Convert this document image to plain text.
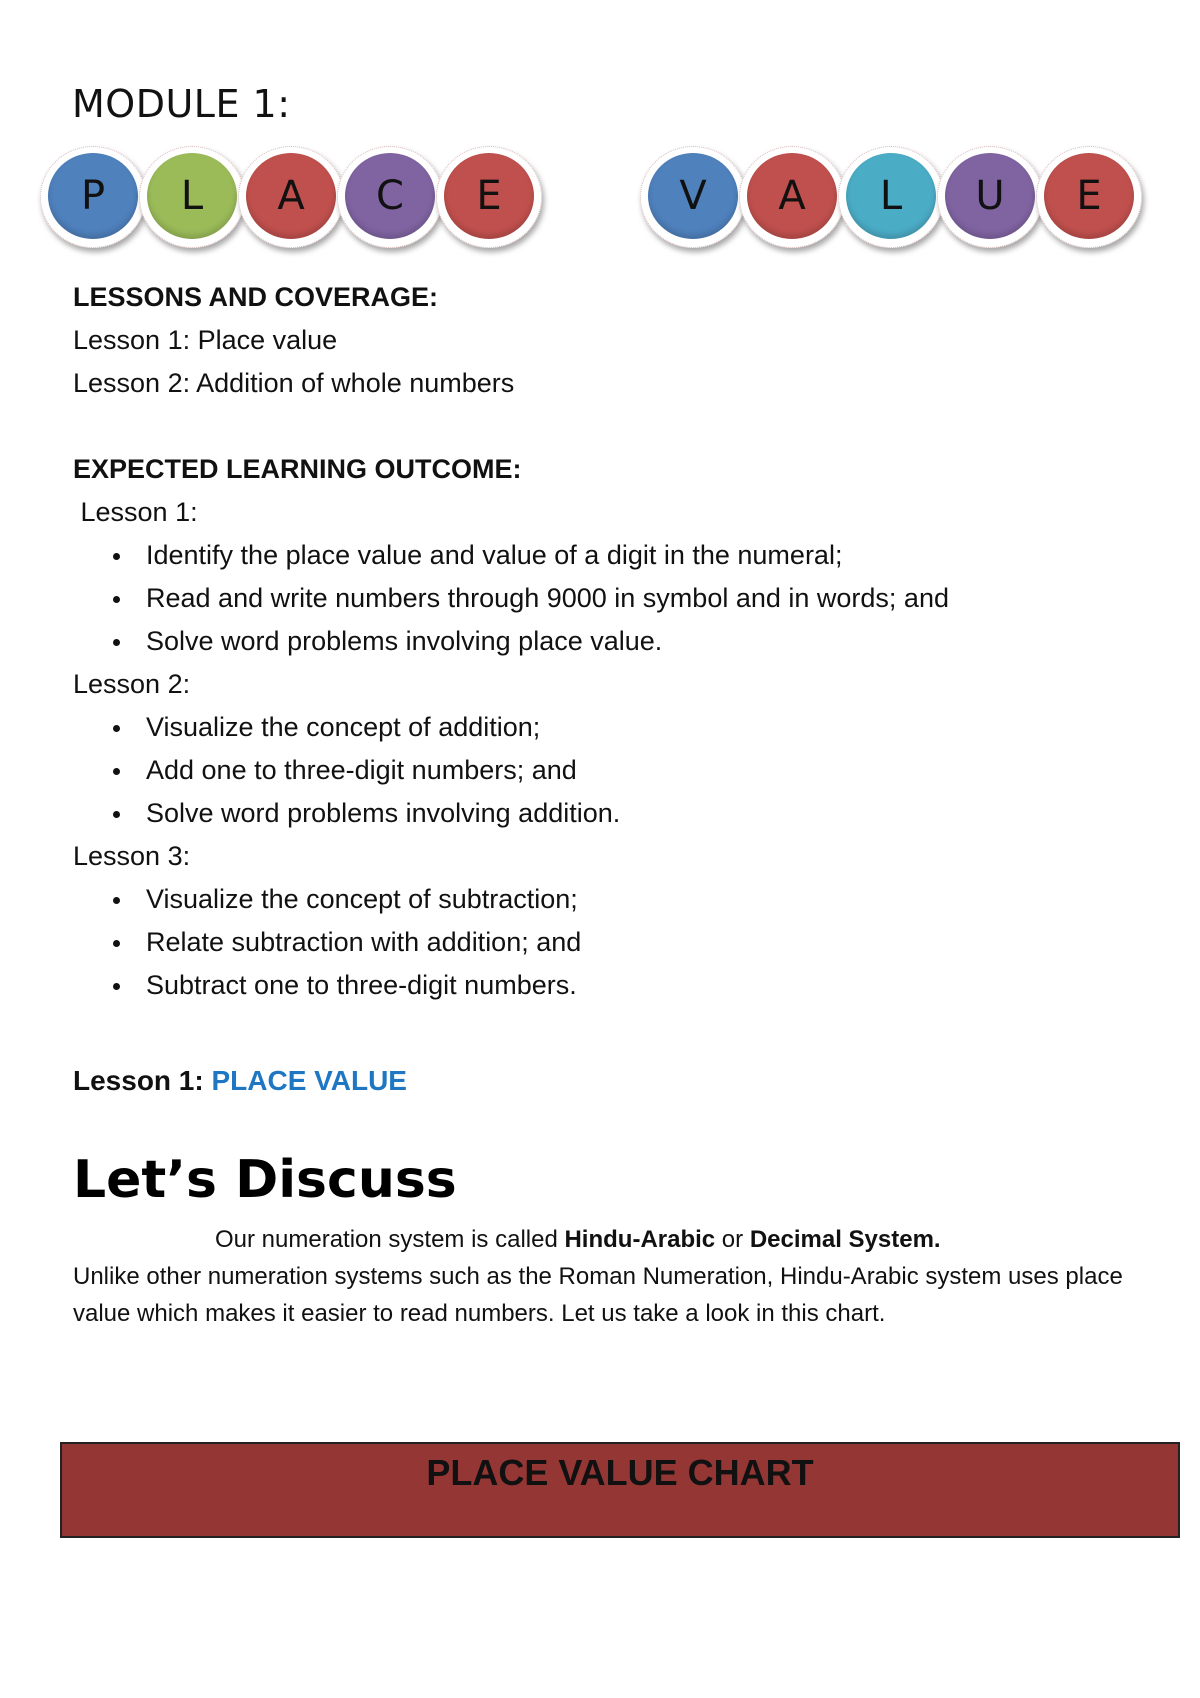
MODULE 1:
P	L	A	C	E	V	A	L	U	E
LESSONS AND COVERAGE:
Lesson 1: Place value
Lesson 2: Addition of whole numbers
EXPECTED LEARNING OUTCOME:
Lesson 1:
Identify the place value and value of a digit in the numeral;
Read and write numbers through 9000 in symbol and in words; and
Solve word problems involving place value.
Lesson 2:
Visualize the concept of addition;
Add one to three-digit numbers; and
Solve word problems involving addition.
Lesson 3:
Visualize the concept of subtraction;
Relate subtraction with addition; and
Subtract one to three-digit numbers.
Lesson 1: PLACE VALUE
Let’s Discuss

Our numeration system is called Hindu-Arabic or Decimal System.
Unlike other numeration systems such as the Roman Numeration, Hindu-Arabic system uses place value which makes it easier to read numbers. Let us take a look in this chart.

PLACE VALUE CHART
